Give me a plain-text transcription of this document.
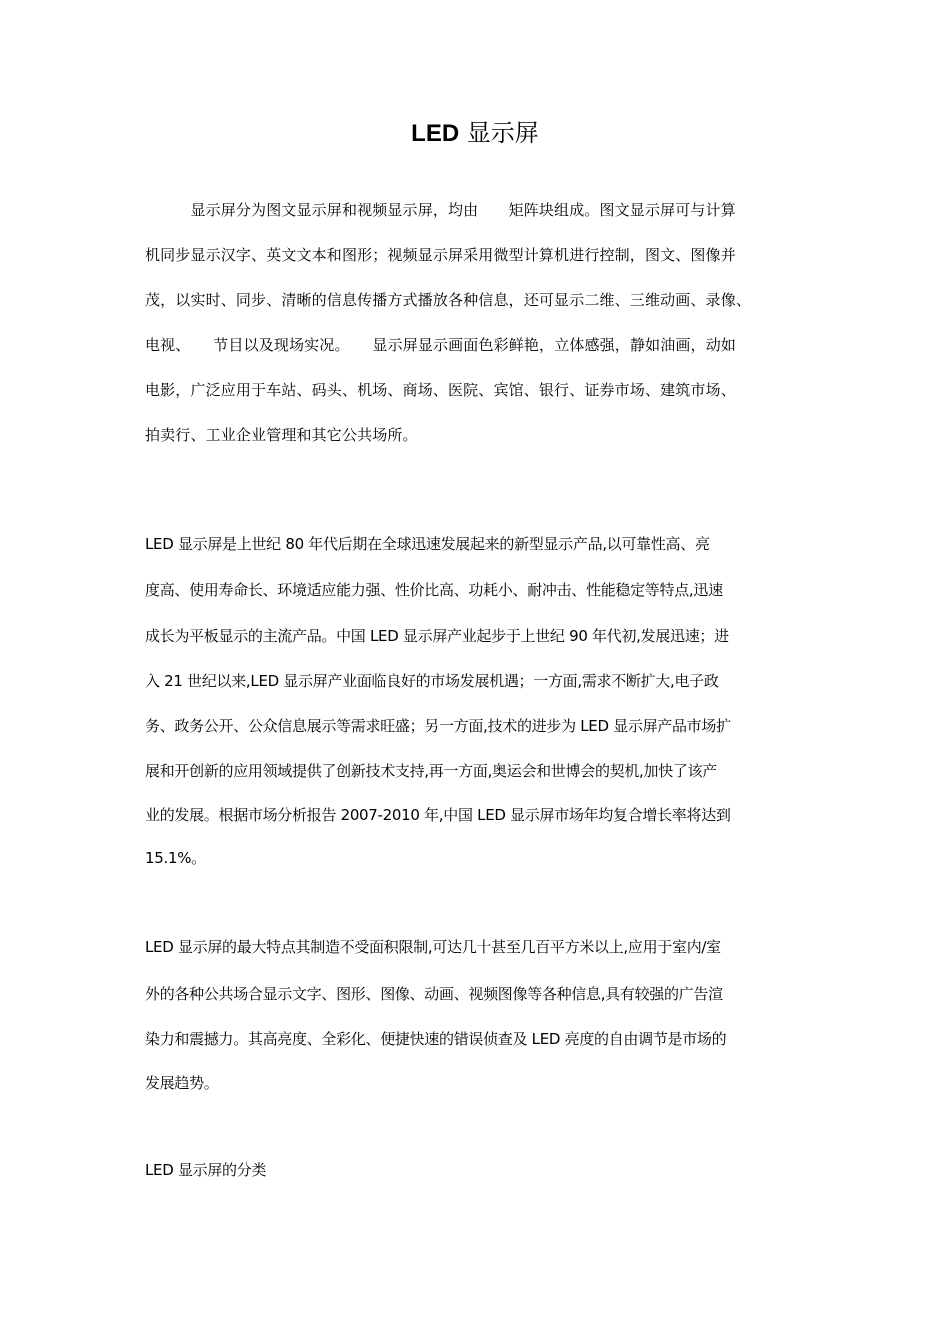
LED 显示屏
　　　显示屏分为图文显示屏和视频显示屏，均由　　矩阵块组成。图文显示屏可与计算
机同步显示汉字、英文文本和图形；视频显示屏采用微型计算机进行控制，图文、图像并
茂，以实时、同步、清晰的信息传播方式播放各种信息，还可显示二维、三维动画、录像、
电视、　　节目以及现场实况。　　显示屏显示画面色彩鲜艳，立体感强，静如油画，动如
电影，广泛应用于车站、码头、机场、商场、医院、宾馆、银行、证券市场、建筑市场、
拍卖行、工业企业管理和其它公共场所。
LED 显示屏是上世纪 80 年代后期在全球迅速发展起来的新型显示产品,以可靠性高、亮
度高、使用寿命长、环境适应能力强、性价比高、功耗小、耐冲击、性能稳定等特点,迅速
成长为平板显示的主流产品。中国 LED 显示屏产业起步于上世纪 90 年代初,发展迅速；进
入 21 世纪以来,LED 显示屏产业面临良好的市场发展机遇；一方面,需求不断扩大,电子政
务、政务公开、公众信息展示等需求旺盛；另一方面,技术的进步为 LED 显示屏产品市场扩
展和开创新的应用领域提供了创新技术支持,再一方面,奥运会和世博会的契机,加快了该产
业的发展。根据市场分析报告 2007-2010 年,中国 LED 显示屏市场年均复合增长率将达到
15.1%。
LED 显示屏的最大特点其制造不受面积限制,可达几十甚至几百平方米以上,应用于室内/室
外的各种公共场合显示文字、图形、图像、动画、视频图像等各种信息,具有较强的广告渲
染力和震撼力。其高亮度、全彩化、便捷快速的错误侦查及 LED 亮度的自由调节是市场的
发展趋势。
LED 显示屏的分类
